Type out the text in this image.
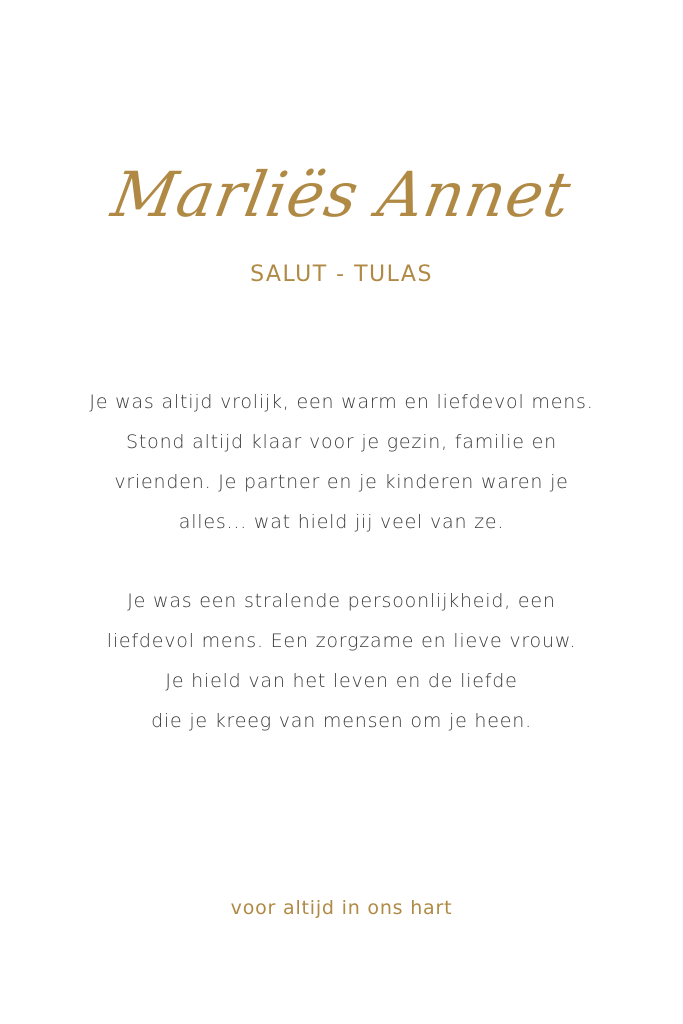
Marliës Annet
SALUT - TULAS
Je was altijd vrolijk, een warm en liefdevol mens.
Stond altijd klaar voor je gezin, familie en
vrienden. Je partner en je kinderen waren je
alles... wat hield jij veel van ze.
Je was een stralende persoonlijkheid, een
liefdevol mens. Een zorgzame en lieve vrouw.
Je hield van het leven en de liefde
die je kreeg van mensen om je heen.
voor altijd in ons hart
